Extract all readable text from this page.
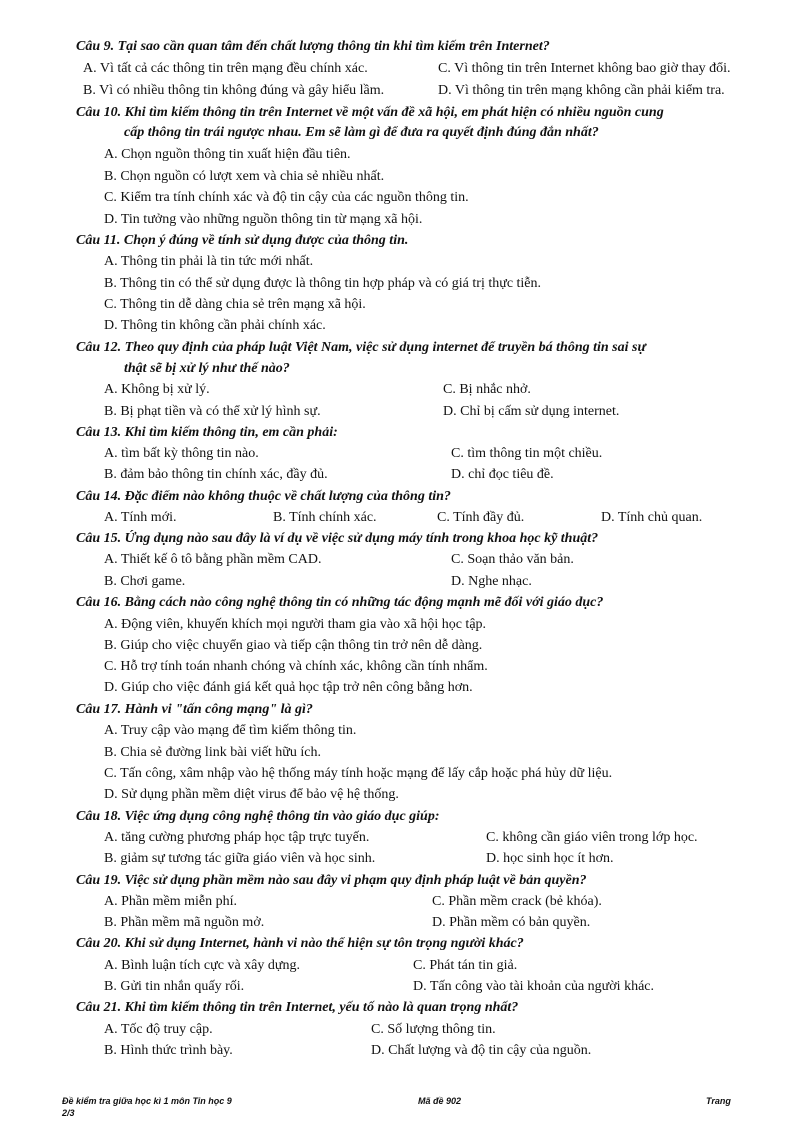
Câu 9. Tại sao cần quan tâm đến chất lượng thông tin khi tìm kiếm trên Internet?
A. Vì tất cả các thông tin trên mạng đều chính xác.	C. Vì thông tin trên Internet không bao giờ thay đổi.
B. Vì có nhiều thông tin không đúng và gây hiểu lầm.	D. Vì thông tin trên mạng không cần phải kiểm tra.
Câu 10. Khi tìm kiếm thông tin trên Internet về một vấn đề xã hội, em phát hiện có nhiều nguồn cung
cấp thông tin trái ngược nhau. Em sẽ làm gì để đưa ra quyết định đúng đắn nhất?
A. Chọn nguồn thông tin xuất hiện đầu tiên.
B. Chọn nguồn có lượt xem và chia sẻ nhiều nhất.
C. Kiểm tra tính chính xác và độ tin cậy của các nguồn thông tin.
D. Tin tưởng vào những nguồn thông tin từ mạng xã hội.
Câu 11. Chọn ý đúng về tính sử dụng được của thông tin.
A. Thông tin phải là tin tức mới nhất.
B. Thông tin có thể sử dụng được là thông tin hợp pháp và có giá trị thực tiễn.
C. Thông tin dễ dàng chia sẻ trên mạng xã hội.
D. Thông tin không cần phải chính xác.
Câu 12. Theo quy định của pháp luật Việt Nam, việc sử dụng internet để truyền bá thông tin sai sự
thật sẽ bị xử lý như thế nào?
A. Không bị xử lý.	C. Bị nhắc nhở.
B. Bị phạt tiền và có thể xử lý hình sự.	D. Chỉ bị cấm sử dụng internet.
Câu 13. Khi tìm kiếm thông tin, em cần phải:
A. tìm bất kỳ thông tin nào.	C. tìm thông tin một chiều.
B. đảm bảo thông tin chính xác, đầy đủ.	D. chỉ đọc tiêu đề.
Câu 14. Đặc điểm nào không thuộc về chất lượng của thông tin?
A. Tính mới.	B. Tính chính xác.	C. Tính đầy đủ.	D. Tính chủ quan.
Câu 15. Ứng dụng nào sau đây là ví dụ về việc sử dụng máy tính trong khoa học kỹ thuật?
A. Thiết kế ô tô bằng phần mềm CAD.	C. Soạn thảo văn bản.
B. Chơi game.	D. Nghe nhạc.
Câu 16. Bằng cách nào công nghệ thông tin có những tác động mạnh mẽ đối với giáo dục?
A. Động viên, khuyến khích mọi người tham gia vào xã hội học tập.
B. Giúp cho việc chuyển giao và tiếp cận thông tin trở nên dễ dàng.
C. Hỗ trợ tính toán nhanh chóng và chính xác, không cần tính nhẩm.
D. Giúp cho việc đánh giá kết quả học tập trở nên công bằng hơn.
Câu 17. Hành vi "tấn công mạng" là gì?
A. Truy cập vào mạng để tìm kiếm thông tin.
B. Chia sẻ đường link bài viết hữu ích.
C. Tấn công, xâm nhập vào hệ thống máy tính hoặc mạng để lấy cắp hoặc phá hủy dữ liệu.
D. Sử dụng phần mềm diệt virus để bảo vệ hệ thống.
Câu 18. Việc ứng dụng công nghệ thông tin vào giáo dục giúp:
A. tăng cường phương pháp học tập trực tuyến.	C. không cần giáo viên trong lớp học.
B. giảm sự tương tác giữa giáo viên và học sinh.	D. học sinh học ít hơn.
Câu 19. Việc sử dụng phần mềm nào sau đây vi phạm quy định pháp luật về bản quyền?
A. Phần mềm miễn phí.	C. Phần mềm crack (bẻ khóa).
B. Phần mềm mã nguồn mở.	D. Phần mềm có bản quyền.
Câu 20. Khi sử dụng Internet, hành vi nào thể hiện sự tôn trọng người khác?
A. Bình luận tích cực và xây dựng.	C. Phát tán tin giả.
B. Gửi tin nhắn quấy rối.	D. Tấn công vào tài khoản của người khác.
Câu 21. Khi tìm kiếm thông tin trên Internet, yếu tố nào là quan trọng nhất?
A. Tốc độ truy cập.	C. Số lượng thông tin.
B. Hình thức trình bày.	D. Chất lượng và độ tin cậy của nguồn.
Đề kiểm tra giữa học kì 1 môn Tin học 9
2/3
Mã đề 902	Trang
